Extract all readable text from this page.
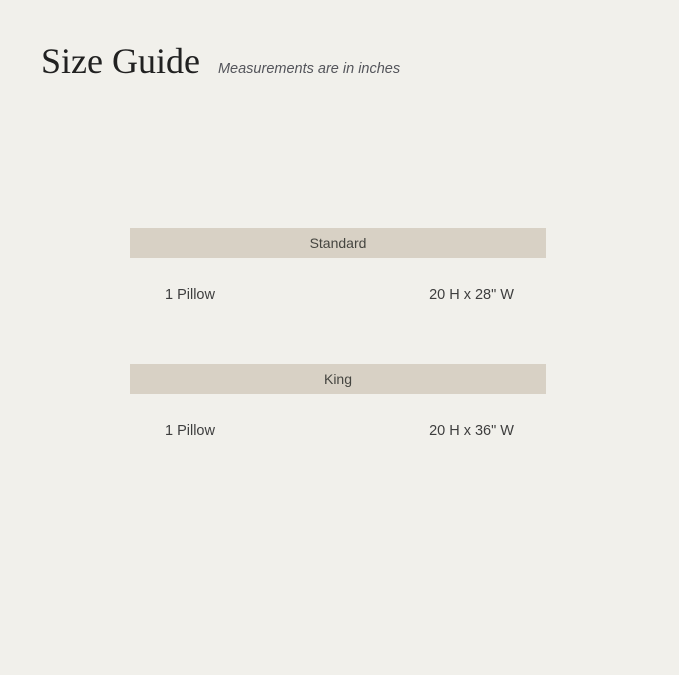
Size Guide Measurements are in inches
Standard
1 Pillow	20 H x 28" W
King
1 Pillow	20 H x 36" W
